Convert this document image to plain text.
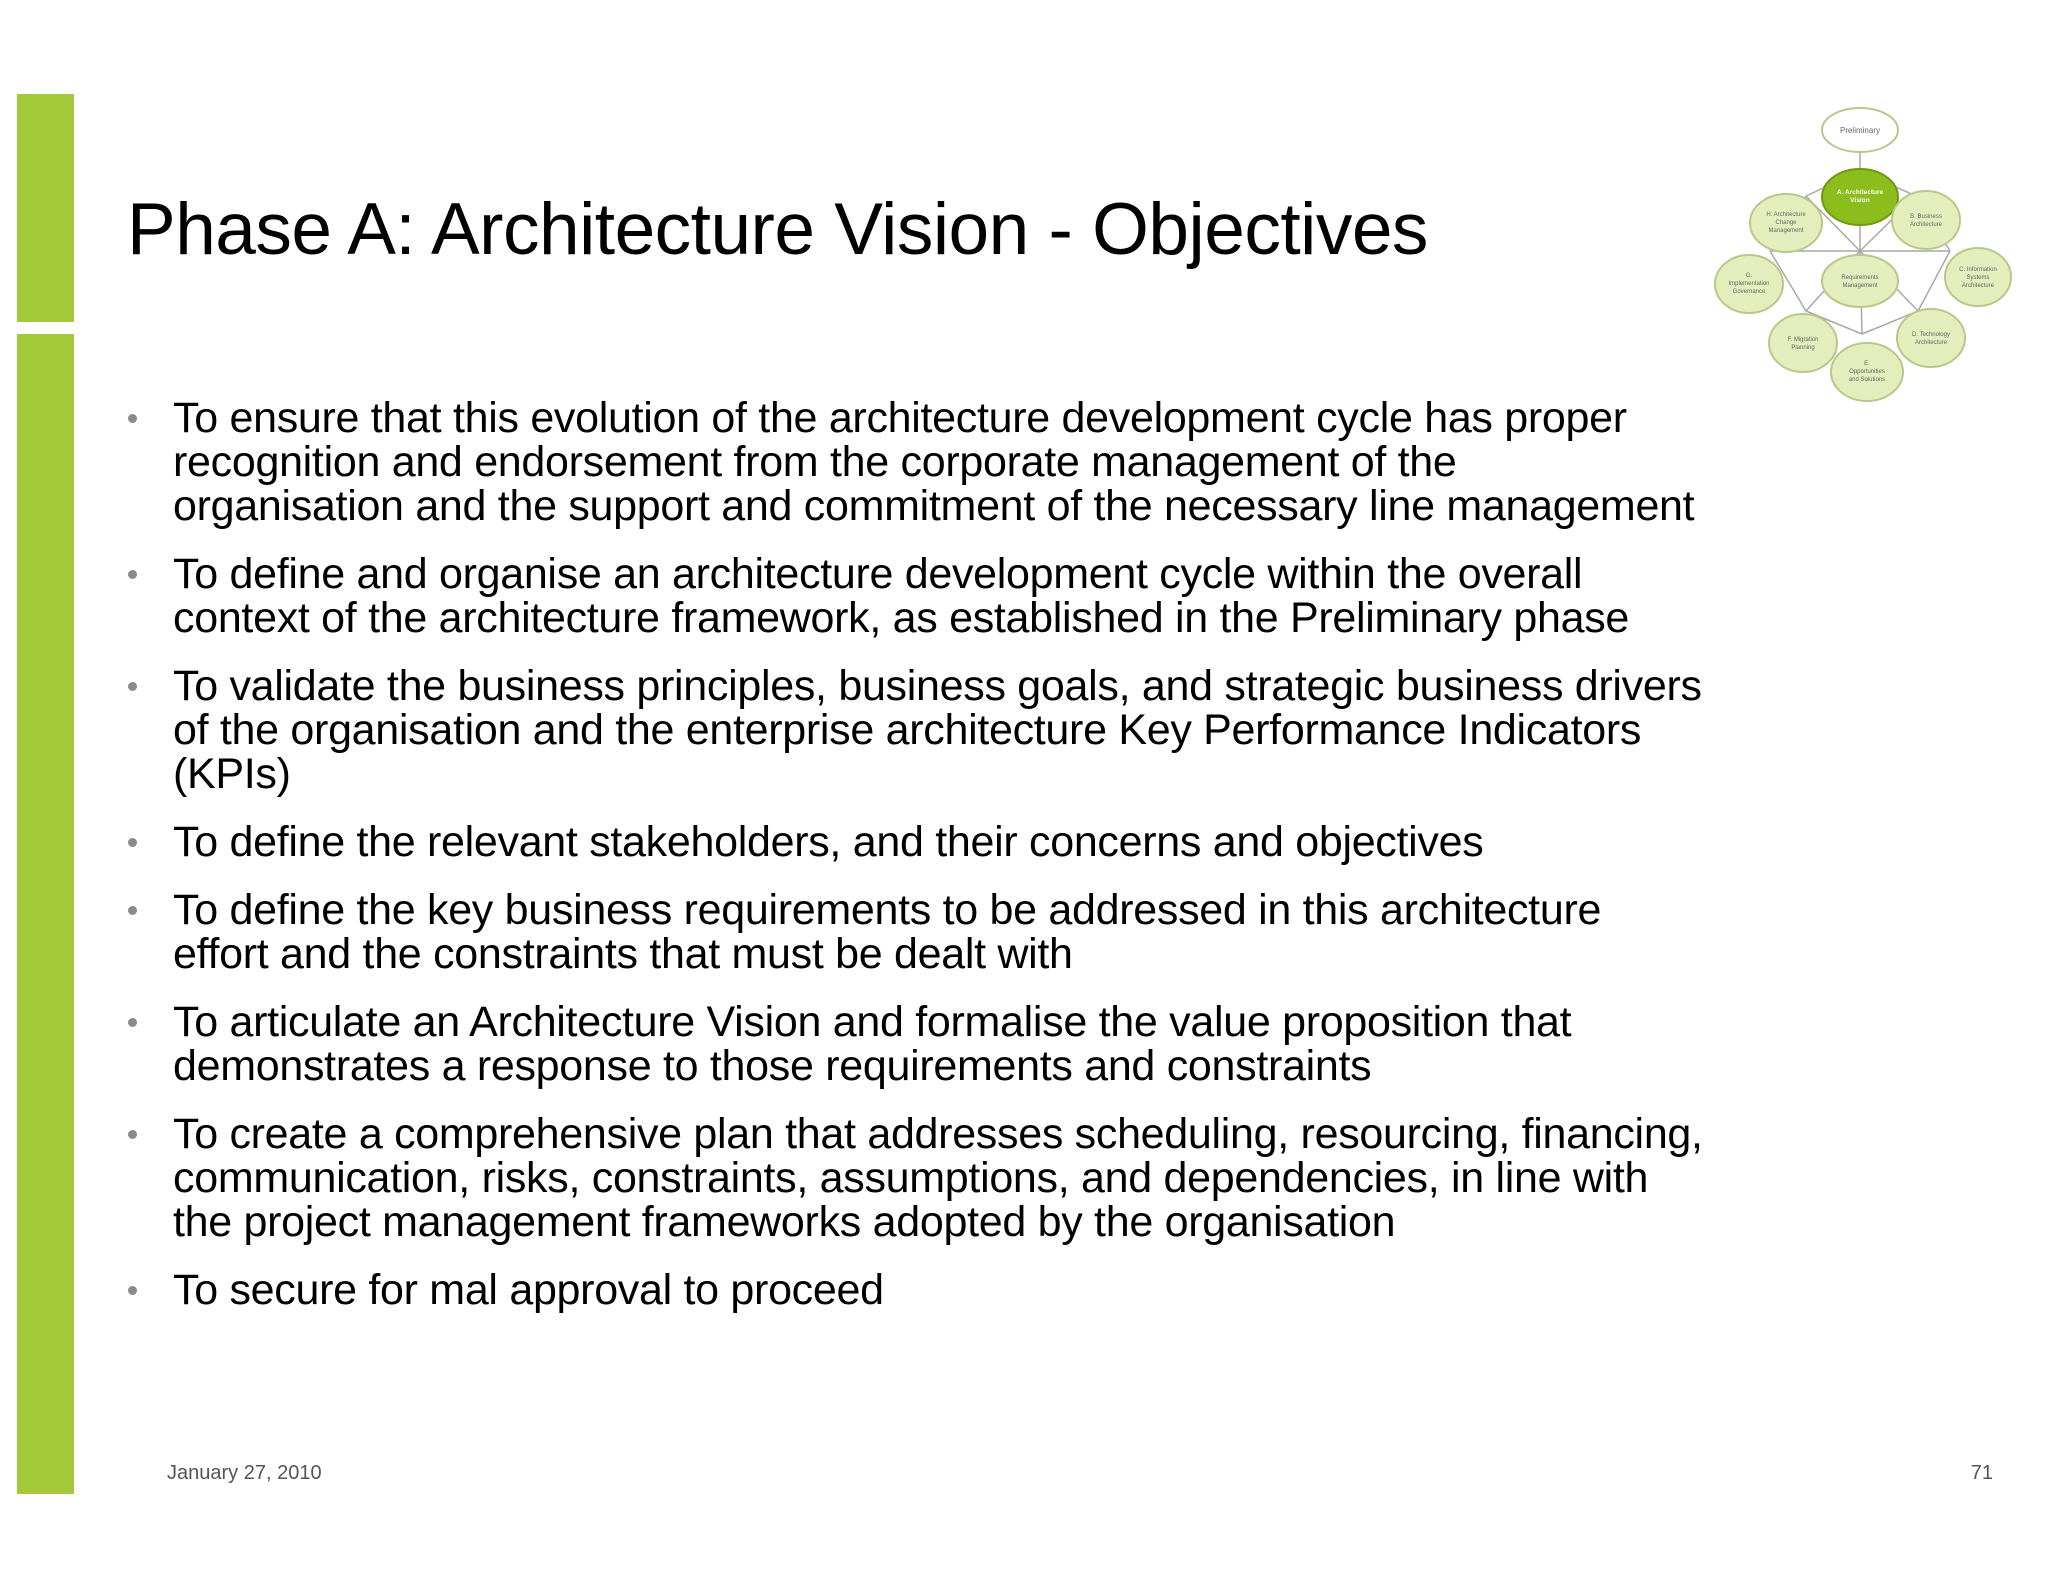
Phase A: Architecture Vision - Objectives
Preliminary
A. Architecture
Vision
B. Business
Architecture
C. Information
Systems
Architecture
D. Technology
Architecture
E.
Opportunities
and Solutions
F. Migration
Planning
G.
Implementation
Governance
H. Architecture
Change
Management
Requirements
Management
To ensure that this evolution of the architecture development cycle has proper
recognition and endorsement from the corporate management of the
organisation and the support and commitment of the necessary line management
To define and organise an architecture development cycle within the overall
context of the architecture framework, as established in the Preliminary phase
To validate the business principles, business goals, and strategic business drivers
of the organisation and the enterprise architecture Key Performance Indicators
(KPIs)
To define the relevant stakeholders, and their concerns and objectives
To define the key business requirements to be addressed in this architecture
effort and the constraints that must be dealt with
To articulate an Architecture Vision and formalise the value proposition that
demonstrates a response to those requirements and constraints
To create a comprehensive plan that addresses scheduling, resourcing, financing,
communication, risks, constraints, assumptions, and dependencies, in line with
the project management frameworks adopted by the organisation
To secure for mal approval to proceed
January 27, 2010	71
